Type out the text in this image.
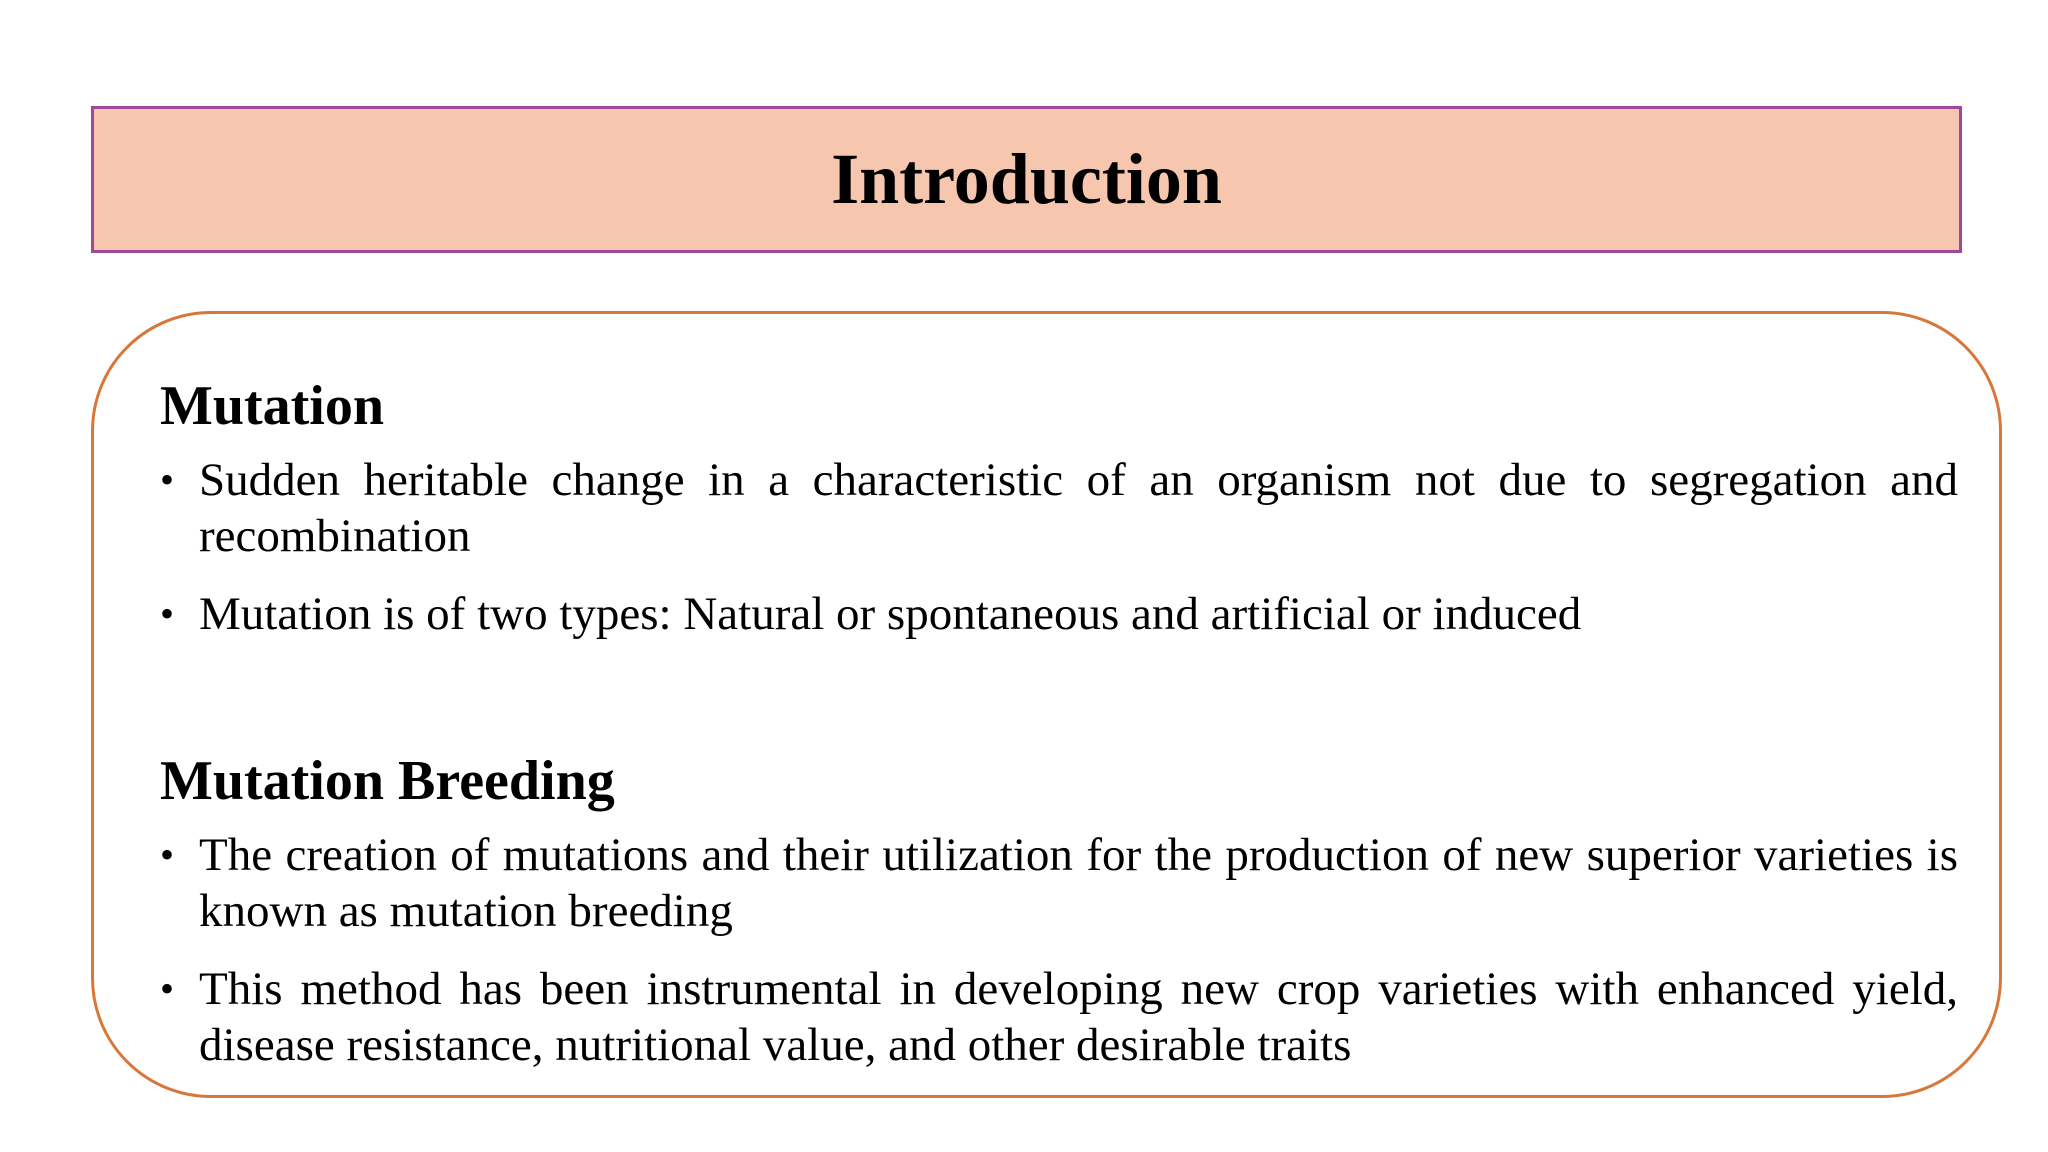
Introduction
Mutation
• Sudden heritable change in a characteristic of an organism not due to segregation and recombination
• Mutation is of two types: Natural or spontaneous and artificial or induced
Mutation Breeding
• The creation of mutations and their utilization for the production of new superior varieties is known as mutation breeding
• This method has been instrumental in developing new crop varieties with enhanced yield, disease resistance, nutritional value, and other desirable traits
